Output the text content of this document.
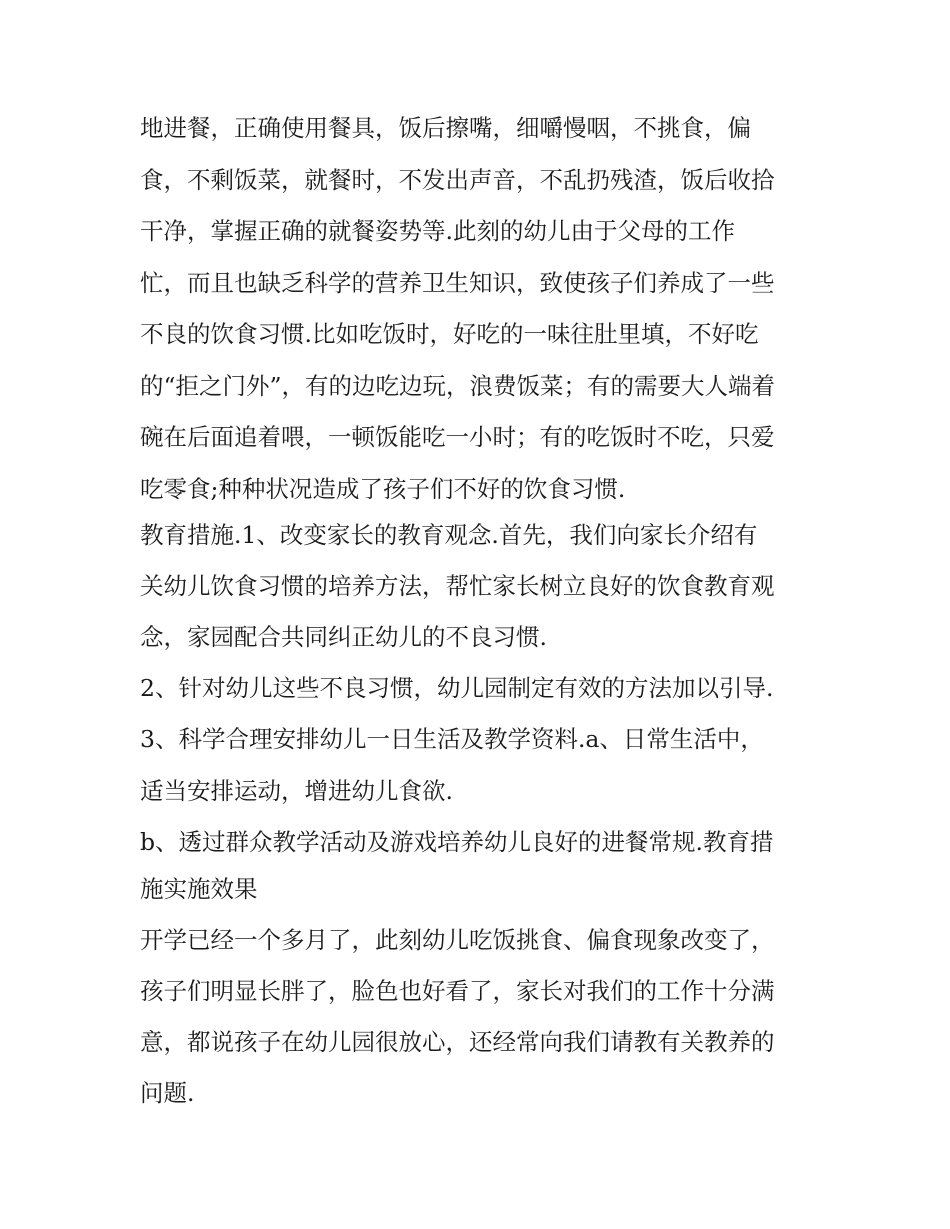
地进餐，正确使用餐具，饭后擦嘴，细嚼慢咽，不挑食，偏

食，不剩饭菜，就餐时，不发出声音，不乱扔残渣，饭后收拾

干净，掌握正确的就餐姿势等.此刻的幼儿由于父母的工作

忙，而且也缺乏科学的营养卫生知识，致使孩子们养成了一些

不良的饮食习惯.比如吃饭时，好吃的一味往肚里填，不好吃

的“拒之门外”，有的边吃边玩，浪费饭菜；有的需要大人端着

碗在后面追着喂，一顿饭能吃一小时；有的吃饭时不吃，只爱

吃零食;种种状况造成了孩子们不好的饮食习惯.

教育措施.1、改变家长的教育观念.首先，我们向家长介绍有

关幼儿饮食习惯的培养方法，帮忙家长树立良好的饮食教育观

念，家园配合共同纠正幼儿的不良习惯.

2、针对幼儿这些不良习惯，幼儿园制定有效的方法加以引导.

3、科学合理安排幼儿一日生活及教学资料.a、日常生活中，

适当安排运动，增进幼儿食欲.

b、透过群众教学活动及游戏培养幼儿良好的进餐常规.教育措

施实施效果

开学已经一个多月了，此刻幼儿吃饭挑食、偏食现象改变了，

孩子们明显长胖了，脸色也好看了，家长对我们的工作十分满

意，都说孩子在幼儿园很放心，还经常向我们请教有关教养的

问题.
